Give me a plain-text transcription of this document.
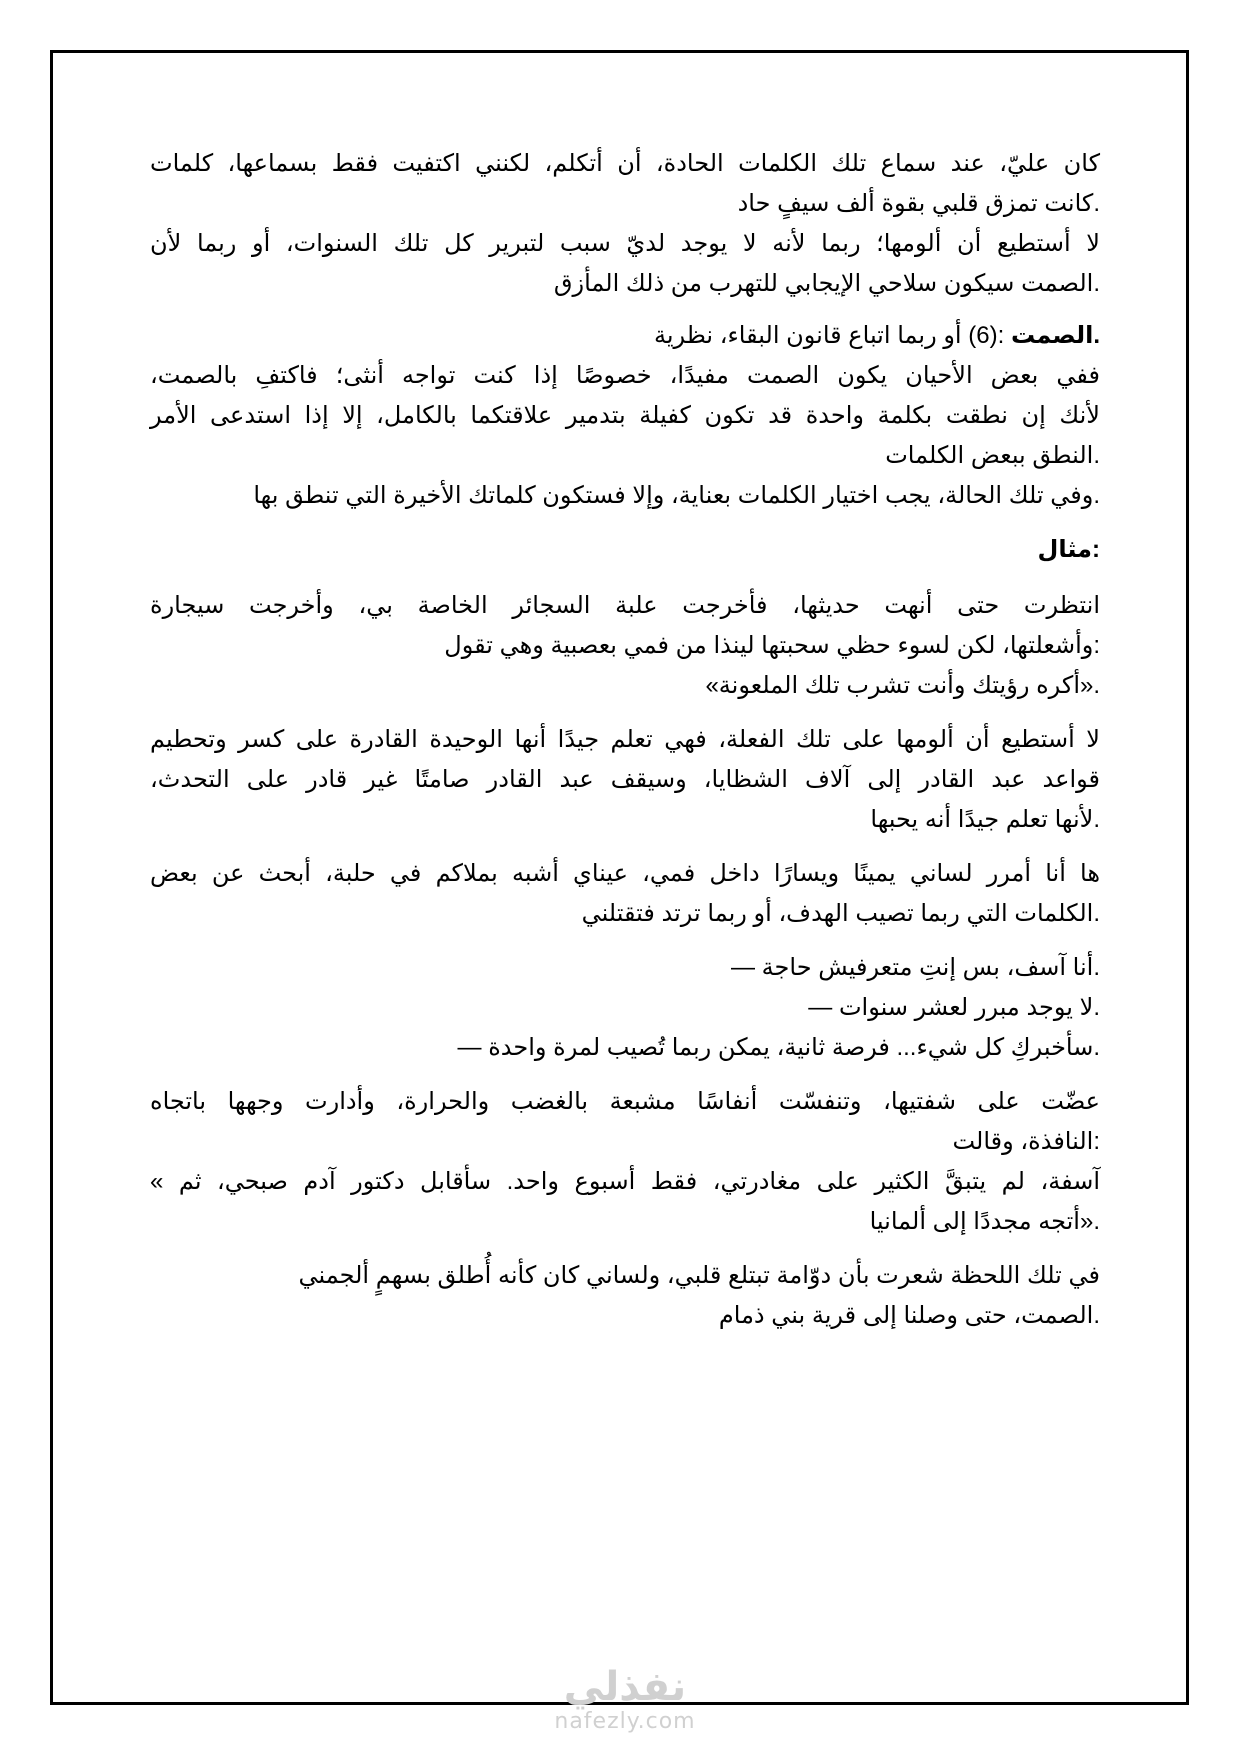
كان عليّ، عند سماع تلك الكلمات الحادة، أن أتكلم، لكنني اكتفيت فقط بسماعها، كلمات
.كانت تمزق قلبي بقوة ألف سيفٍ حاد
لا أستطيع أن ألومها؛ ربما لأنه لا يوجد لديّ سبب لتبرير كل تلك السنوات، أو ربما لأن
.الصمت سيكون سلاحي الإيجابي للتهرب من ذلك المأزق
.الصمت :(6) أو ربما اتباع قانون البقاء، نظرية
ففي بعض الأحيان يكون الصمت مفيدًا، خصوصًا إذا كنت تواجه أنثى؛ فاكتفِ بالصمت،
لأنك إن نطقت بكلمة واحدة قد تكون كفيلة بتدمير علاقتكما بالكامل، إلا إذا استدعى الأمر
.النطق ببعض الكلمات
.وفي تلك الحالة، يجب اختيار الكلمات بعناية، وإلا فستكون كلماتك الأخيرة التي تنطق بها
:مثال
انتظرت حتى أنهت حديثها، فأخرجت علبة السجائر الخاصة بي، وأخرجت سيجارة
:وأشعلتها، لكن لسوء حظي سحبتها لينذا من فمي بعصبية وهي تقول
.«أكره رؤيتك وأنت تشرب تلك الملعونة»
لا أستطيع أن ألومها على تلك الفعلة، فهي تعلم جيدًا أنها الوحيدة القادرة على كسر وتحطيم
قواعد عبد القادر إلى آلاف الشظايا، وسيقف عبد القادر صامتًا غير قادر على التحدث،
.لأنها تعلم جيدًا أنه يحبها
ها أنا أمرر لساني يمينًا ويسارًا داخل فمي، عيناي أشبه بملاكم في حلبة، أبحث عن بعض
.الكلمات التي ربما تصيب الهدف، أو ربما ترتد فتقتلني
.أنا آسف، بس إنتِ متعرفيش حاجة —
.لا يوجد مبرر لعشر سنوات —
.سأخبركِ كل شيء... فرصة ثانية، يمكن ربما تُصيب لمرة واحدة —
عضّت على شفتيها، وتنفسّت أنفاسًا مشبعة بالغضب والحرارة، وأدارت وجهها باتجاه
:النافذة، وقالت
آسفة، لم يتبقَّ الكثير على مغادرتي، فقط أسبوع واحد. سأقابل دكتور آدم صبحي، ثم »
.«أتجه مجددًا إلى ألمانيا
في تلك اللحظة شعرت بأن دوّامة تبتلع قلبي، ولساني كان كأنه أُطلق بسهمٍ ألجمني
.الصمت، حتى وصلنا إلى قرية بني ذمام
نفذلي
nafezly.com
